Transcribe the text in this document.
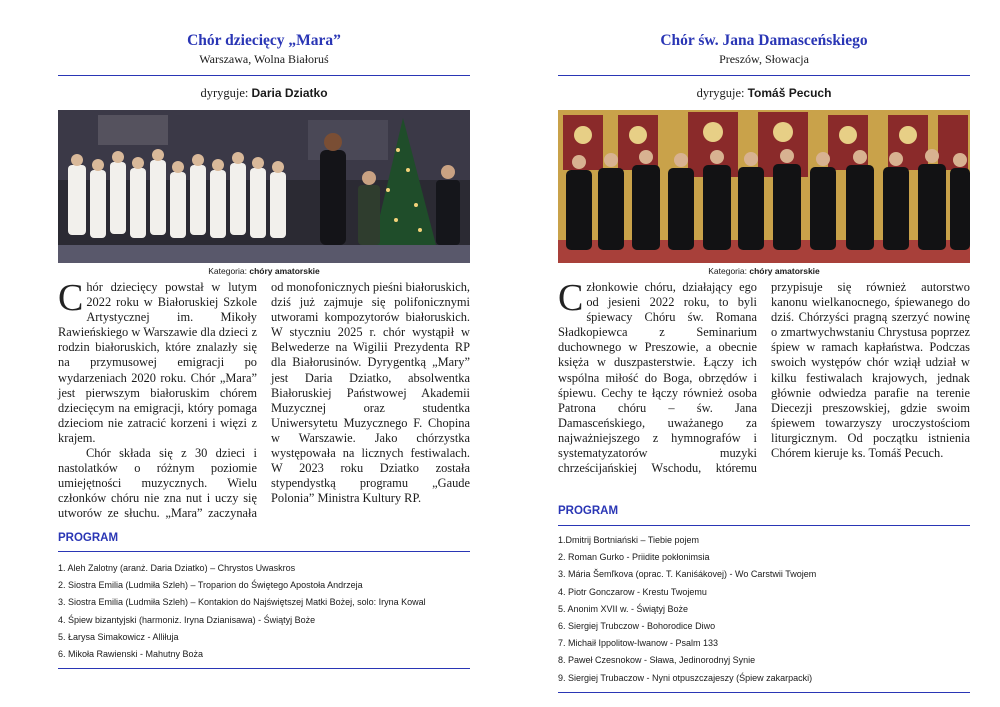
Chór dziecięcy „Mara”
Warszawa, Wolna Białoruś
dyryguje: Daria Dziatko
Kategoria: chóry amatorskie

Chór dziecięcy powstał w lutym 2022 roku w Białoruskiej Szkole Artystycznej im. Mikoły Rawieńskiego w Warszawie dla dzieci z rodzin białoruskich, które znalazły się na przymusowej emigracji po wydarzeniach 2020 roku. Chór „Mara” jest pierwszym białoruskim chórem dziecięcym na emigracji, który pomaga dzieciom nie zatracić korzeni i więzi z krajem.

Chór składa się z 30 dzieci i nastolatków o różnym poziomie umiejętności muzycznych. Wielu członków chóru nie zna nut i uczy się utworów ze słuchu. „Mara” zaczynała od monofonicznych pieśni białoruskich, dziś już zajmuje się polifonicznymi utworami kompozytorów białoruskich. W styczniu 2025 r. chór wystąpił w Belwederze na Wigilii Prezydenta RP dla Białorusinów. Dyrygentką „Mary” jest Daria Dziatko, absolwentka Białoruskiej Państwowej Akademii Muzycznej oraz studentka Uniwersytetu Muzycznego F. Chopina w Warszawie. Jako chórzystka występowała na licznych festiwalach. W 2023 roku Dziatko została stypendystką programu „Gaude Polonia” Ministra Kultury RP.

PROGRAM
1. Aleh Zalotny (aranż. Daria Dziatko) – Chrystos Uwaskros
2. Siostra Emilia (Ludmiła Szleh) – Troparion do Świętego Apostoła Andrzeja
3. Siostra Emilia (Ludmiła Szleh) – Kontakion do Najświętszej Matki Bożej, solo: Iryna Kowal
4. Śpiew bizantyjski (harmoniz. Iryna Dzianisawa) - Świątyj Boże
5. Łarysa Simakowicz - Alliłuja
6. Mikoła Rawienski - Mahutny Boża
Chór św. Jana Damasceńskiego
Preszów, Słowacja
dyryguje: Tomáš Pecuch
Kategoria: chóry amatorskie

Członkowie chóru, działający ego od jesieni 2022 roku, to byli śpiewacy Chóru św. Romana Sładkopiewca z Seminarium duchownego w Preszowie, a obecnie księża w duszpasterstwie. Łączy ich wspólna miłość do Boga, obrzędów i śpiewu. Cechy te łączy również osoba Patrona chóru – św. Jana Damasceńskiego, uważanego za najważniejszego z hymnografów i systematyzatorów muzyki chrześcijańskiej Wschodu, któremu przypisuje się również autorstwo kanonu wielkanocnego, śpiewanego do dziś. Chórzyści pragną szerzyć nowinę o zmartwychwstaniu Chrystusa poprzez śpiew w ramach kapłaństwa. Podczas swoich występów chór wziął udział w kilku festiwalach krajowych, jednak głównie odwiedza parafie na terenie Diecezji preszowskiej, gdzie swoim śpiewem towarzyszy uroczystościom liturgicznym. Od początku istnienia Chórem kieruje ks. Tomáš Pecuch.

PROGRAM
1.Dmitrij Bortniański – Tiebie pojem
2. Roman Gurko - Priidite pokłonimsia
3. Mária Šemľkova (oprac. T. Kaniśákovej) - Wo Carstwii Twojem
4. Piotr Gonczarow - Krestu Twojemu
5. Anonim XVII w. - Świątyj Boże
6. Siergiej Trubczow - Bohorodice Diwo
7. Michaił Ippolitow-Iwanow - Psalm 133
8. Paweł Czesnokow - Sława, Jedinorodnyj Synie
9. Siergiej Trubaczow - Nyni otpuszczajeszy (Śpiew zakarpacki)
